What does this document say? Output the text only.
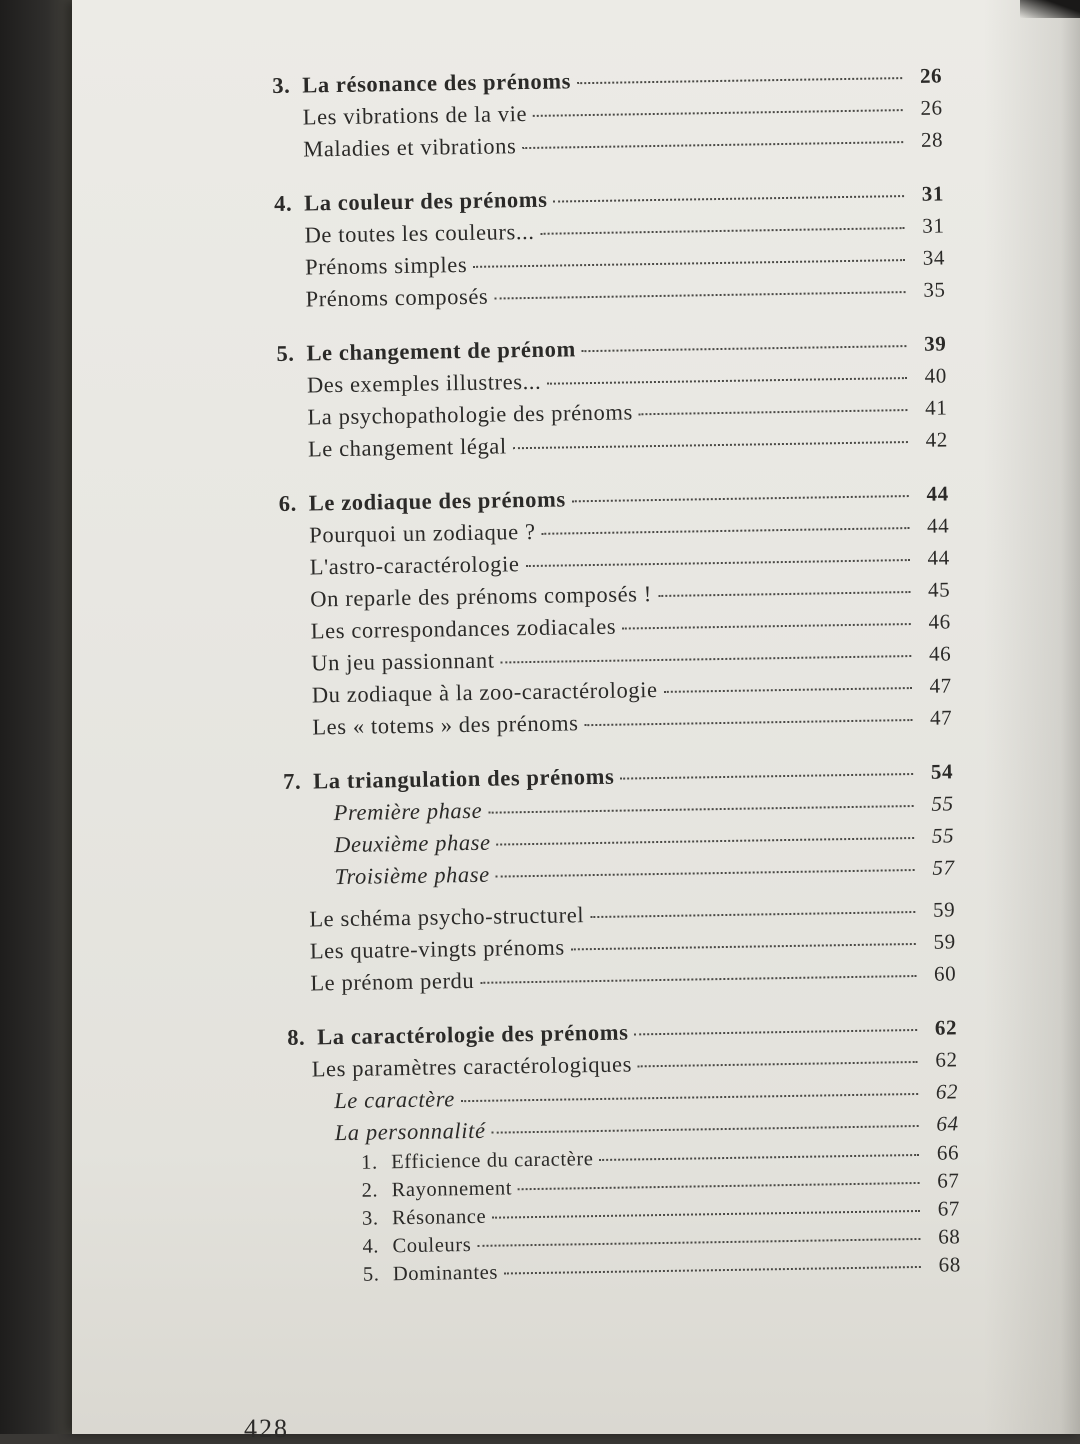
3. La résonance des prénoms	26
Les vibrations de la vie	26
Maladies et vibrations	28
4. La couleur des prénoms	31
De toutes les couleurs...	31
Prénoms simples	34
Prénoms composés	35
5. Le changement de prénom	39
Des exemples illustres...	40
La psychopathologie des prénoms	41
Le changement légal	42
6. Le zodiaque des prénoms	44
Pourquoi un zodiaque ?	44
L'astro-caractérologie	44
On reparle des prénoms composés !	45
Les correspondances zodiacales	46
Un jeu passionnant	46
Du zodiaque à la zoo-caractérologie	47
Les « totems » des prénoms	47
7. La triangulation des prénoms	54
Première phase	55
Deuxième phase	55
Troisième phase	57
Le schéma psycho-structurel	59
Les quatre-vingts prénoms	59
Le prénom perdu	60
8. La caractérologie des prénoms	62
Les paramètres caractérologiques	62
Le caractère	62
La personnalité	64
1. Efficience du caractère	66
2. Rayonnement	67
3. Résonance	67
4. Couleurs	68
5. Dominantes	68
428
